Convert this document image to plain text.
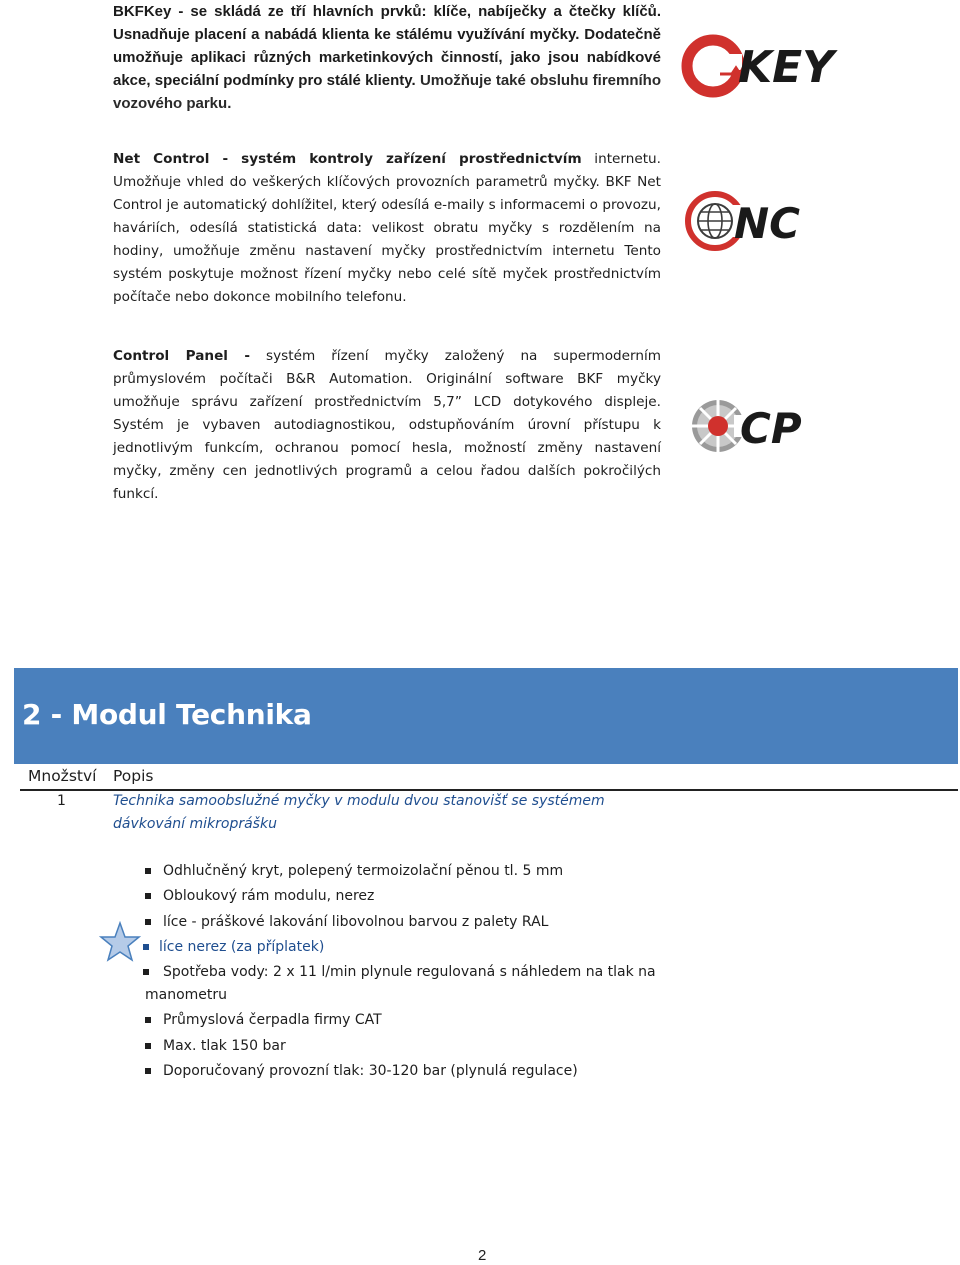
BKFKey - se skládá ze tří hlavních prvků: klíče, nabíječky a čtečky klíčů. Usnadňuje placení a nabádá klienta ke stálému využívání myčky. Dodatečně umožňuje aplikaci různých marketinkových činností, jako jsou nabídkové akce, speciální podmínky pro stálé klienty. Umožňuje také obsluhu firemního vozového parku.
KEY
Net Control - systém kontroly zařízení prostřednictvím internetu. Umožňuje vhled do veškerých klíčových provozních parametrů myčky. BKF Net Control je automatický dohlížitel, který odesílá e-maily s informacemi o provozu, haváriích, odesílá statistická data: velikost obratu myčky s rozdělením na hodiny, umožňuje změnu nastavení myčky prostřednictvím internetu Tento systém poskytuje možnost řízení myčky nebo celé sítě myček prostřednictvím počítače nebo dokonce mobilního telefonu.
NC
Control Panel - systém řízení myčky založený na supermoderním průmyslovém počítači B&R Automation. Originální software BKF myčky umožňuje správu zařízení prostřednictvím 5,7” LCD dotykového displeje. Systém je vybaven autodiagnostikou, odstupňováním úrovní přístupu k jednotlivým funkcím, ochranou pomocí hesla, možností změny nastavení myčky, změny cen jednotlivých programů a celou řadou dalších pokročilých funkcí.
CP
2 - Modul Technika
Množství Popis
1	Technika samoobslužné myčky v modulu dvou stanovišť se systémem dávkování mikroprášku
Odhlučněný kryt, polepený termoizolační pěnou tl. 5 mm
Obloukový rám modulu, nerez
líce - práškové lakování libovolnou barvou z palety RAL
líce nerez (za příplatek)
Spotřeba vody: 2 x 11 l/min plynule regulovaná s náhledem na tlak na manometru
Průmyslová čerpadla firmy CAT
Max. tlak 150 bar
Doporučovaný provozní tlak: 30-120 bar (plynulá regulace)
2
